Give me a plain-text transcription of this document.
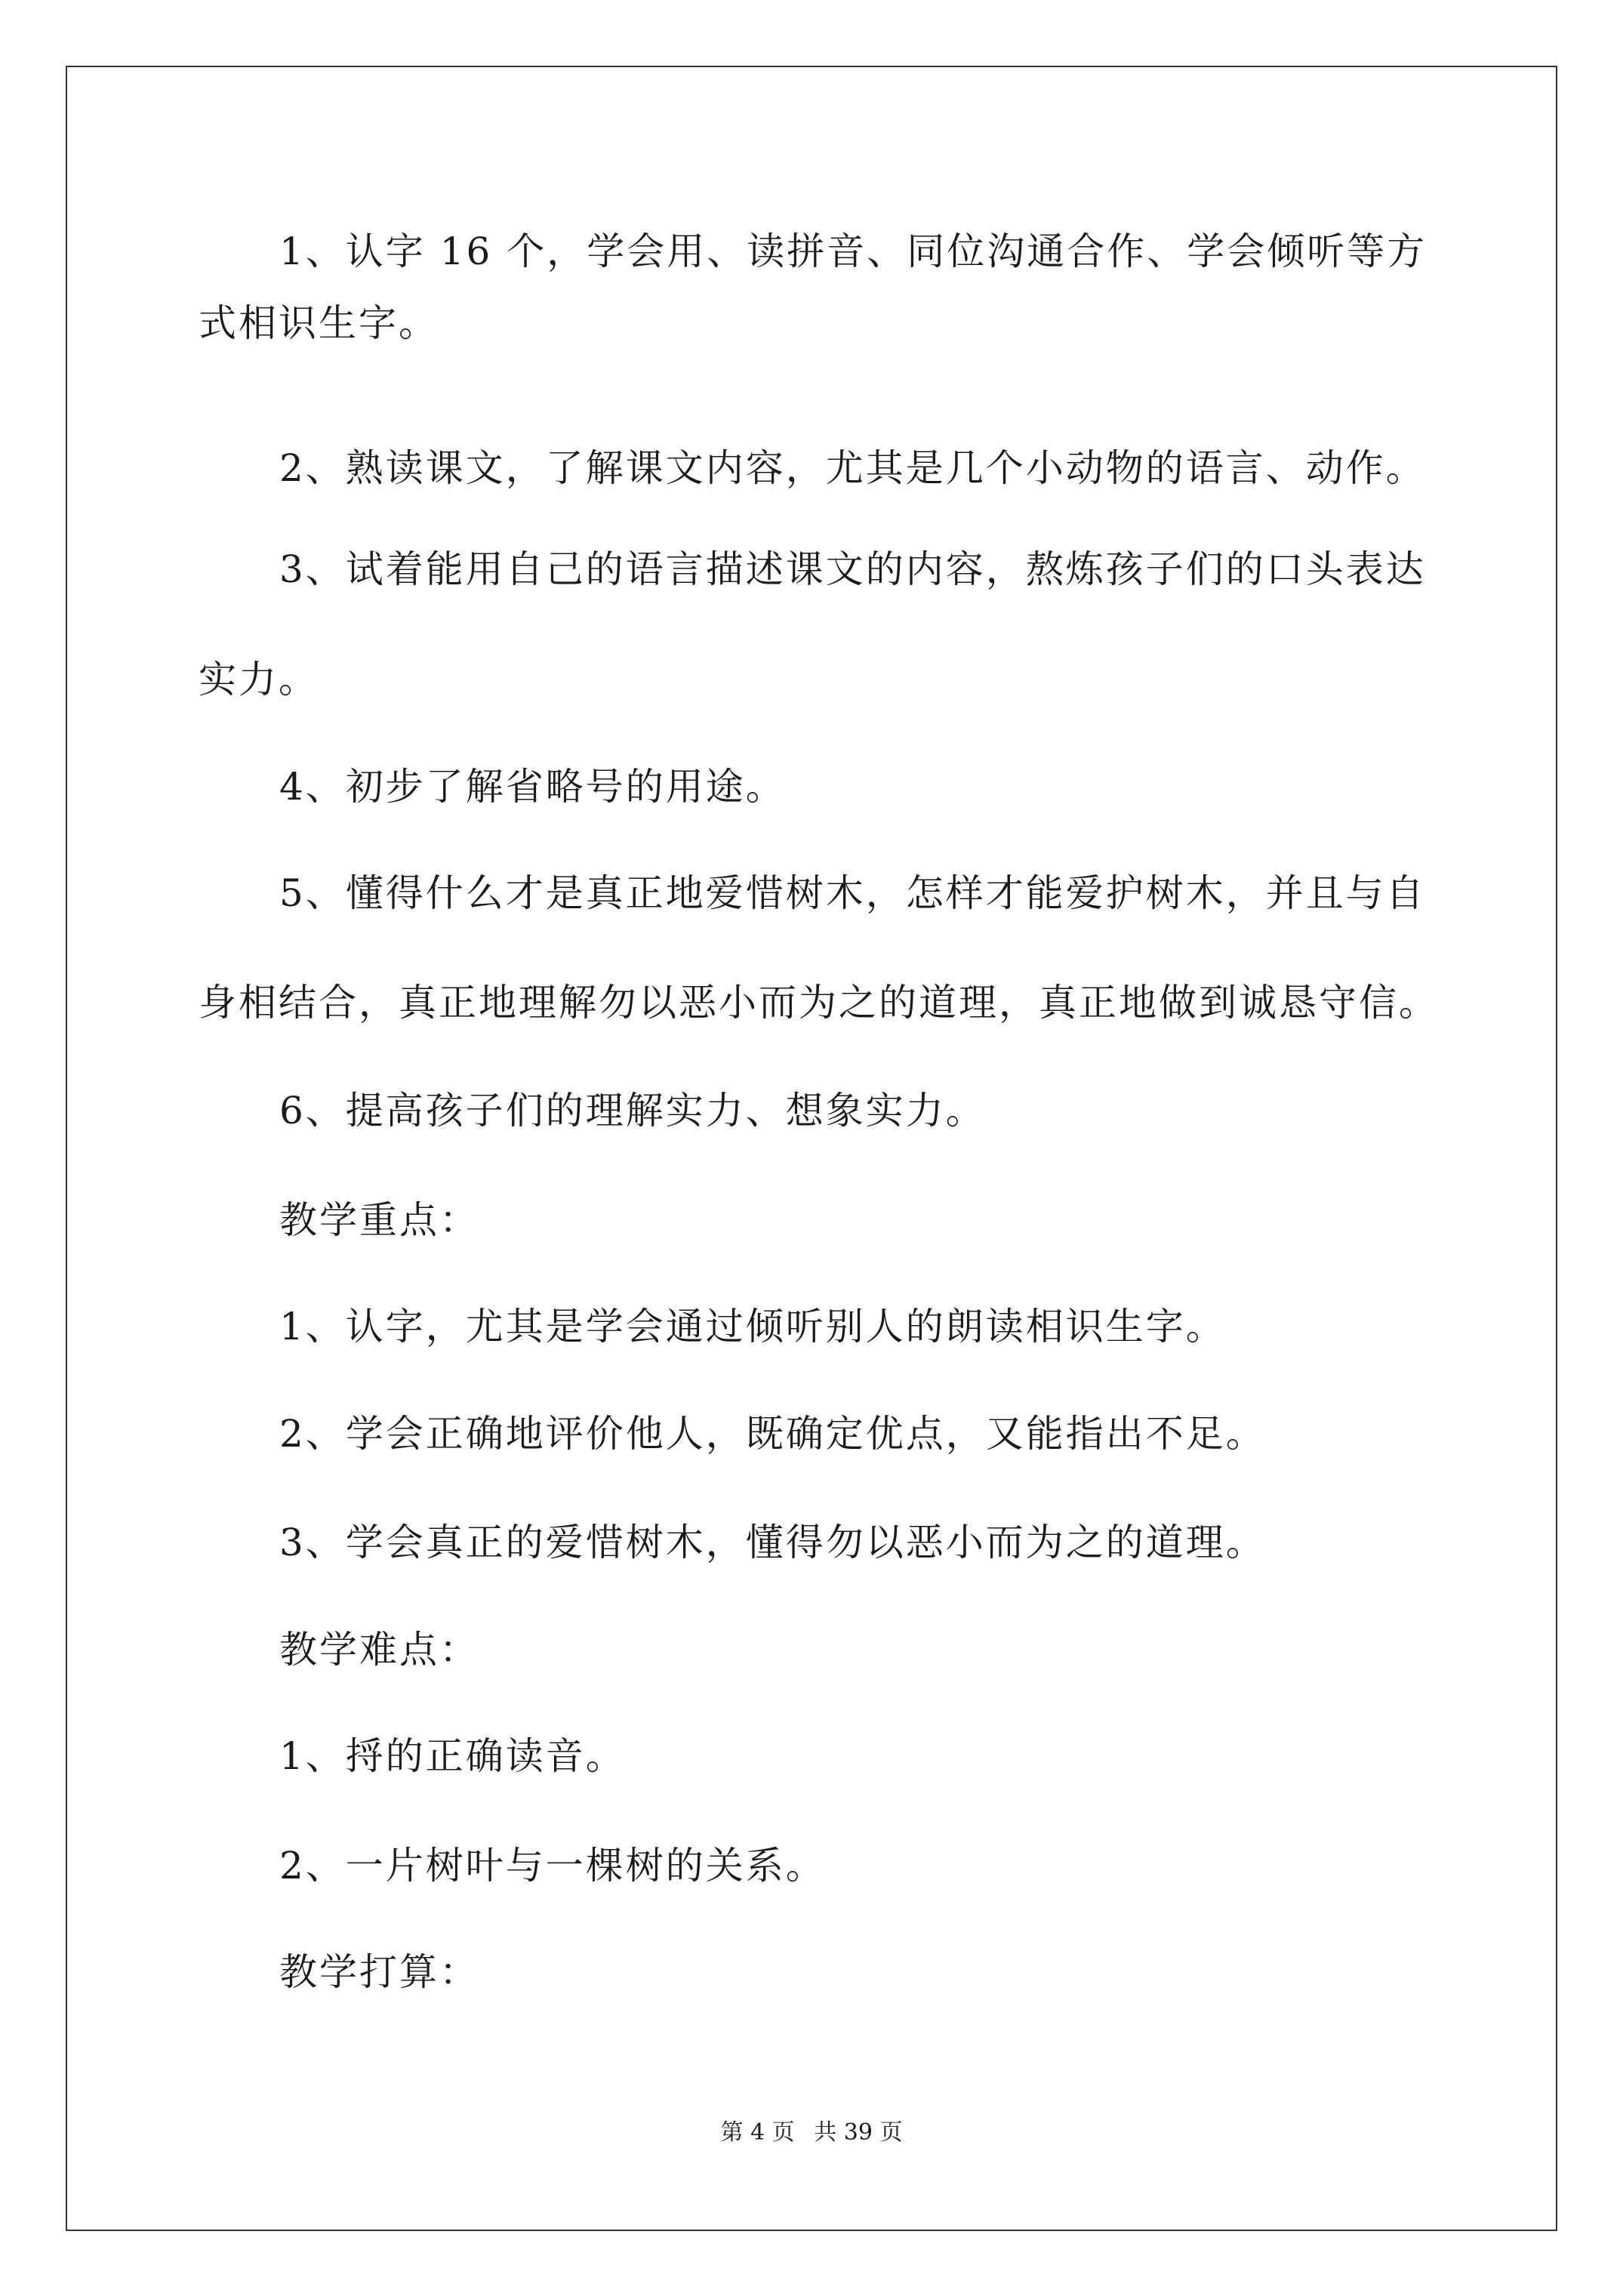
1、认字 16 个，学会用、读拼音、同位沟通合作、学会倾听等方
式相识生字。
2、熟读课文，了解课文内容，尤其是几个小动物的语言、动作。
3、试着能用自己的语言描述课文的内容，熬炼孩子们的口头表达
实力。
4、初步了解省略号的用途。
5、懂得什么才是真正地爱惜树木，怎样才能爱护树木，并且与自
身相结合，真正地理解勿以恶小而为之的道理，真正地做到诚恳守信。
6、提高孩子们的理解实力、想象实力。
教学重点：
1、认字，尤其是学会通过倾听别人的朗读相识生字。
2、学会正确地评价他人，既确定优点，又能指出不足。
3、学会真正的爱惜树木，懂得勿以恶小而为之的道理。
教学难点：
1、捋的正确读音。
2、一片树叶与一棵树的关系。
教学打算：
第 4 页 共 39 页
